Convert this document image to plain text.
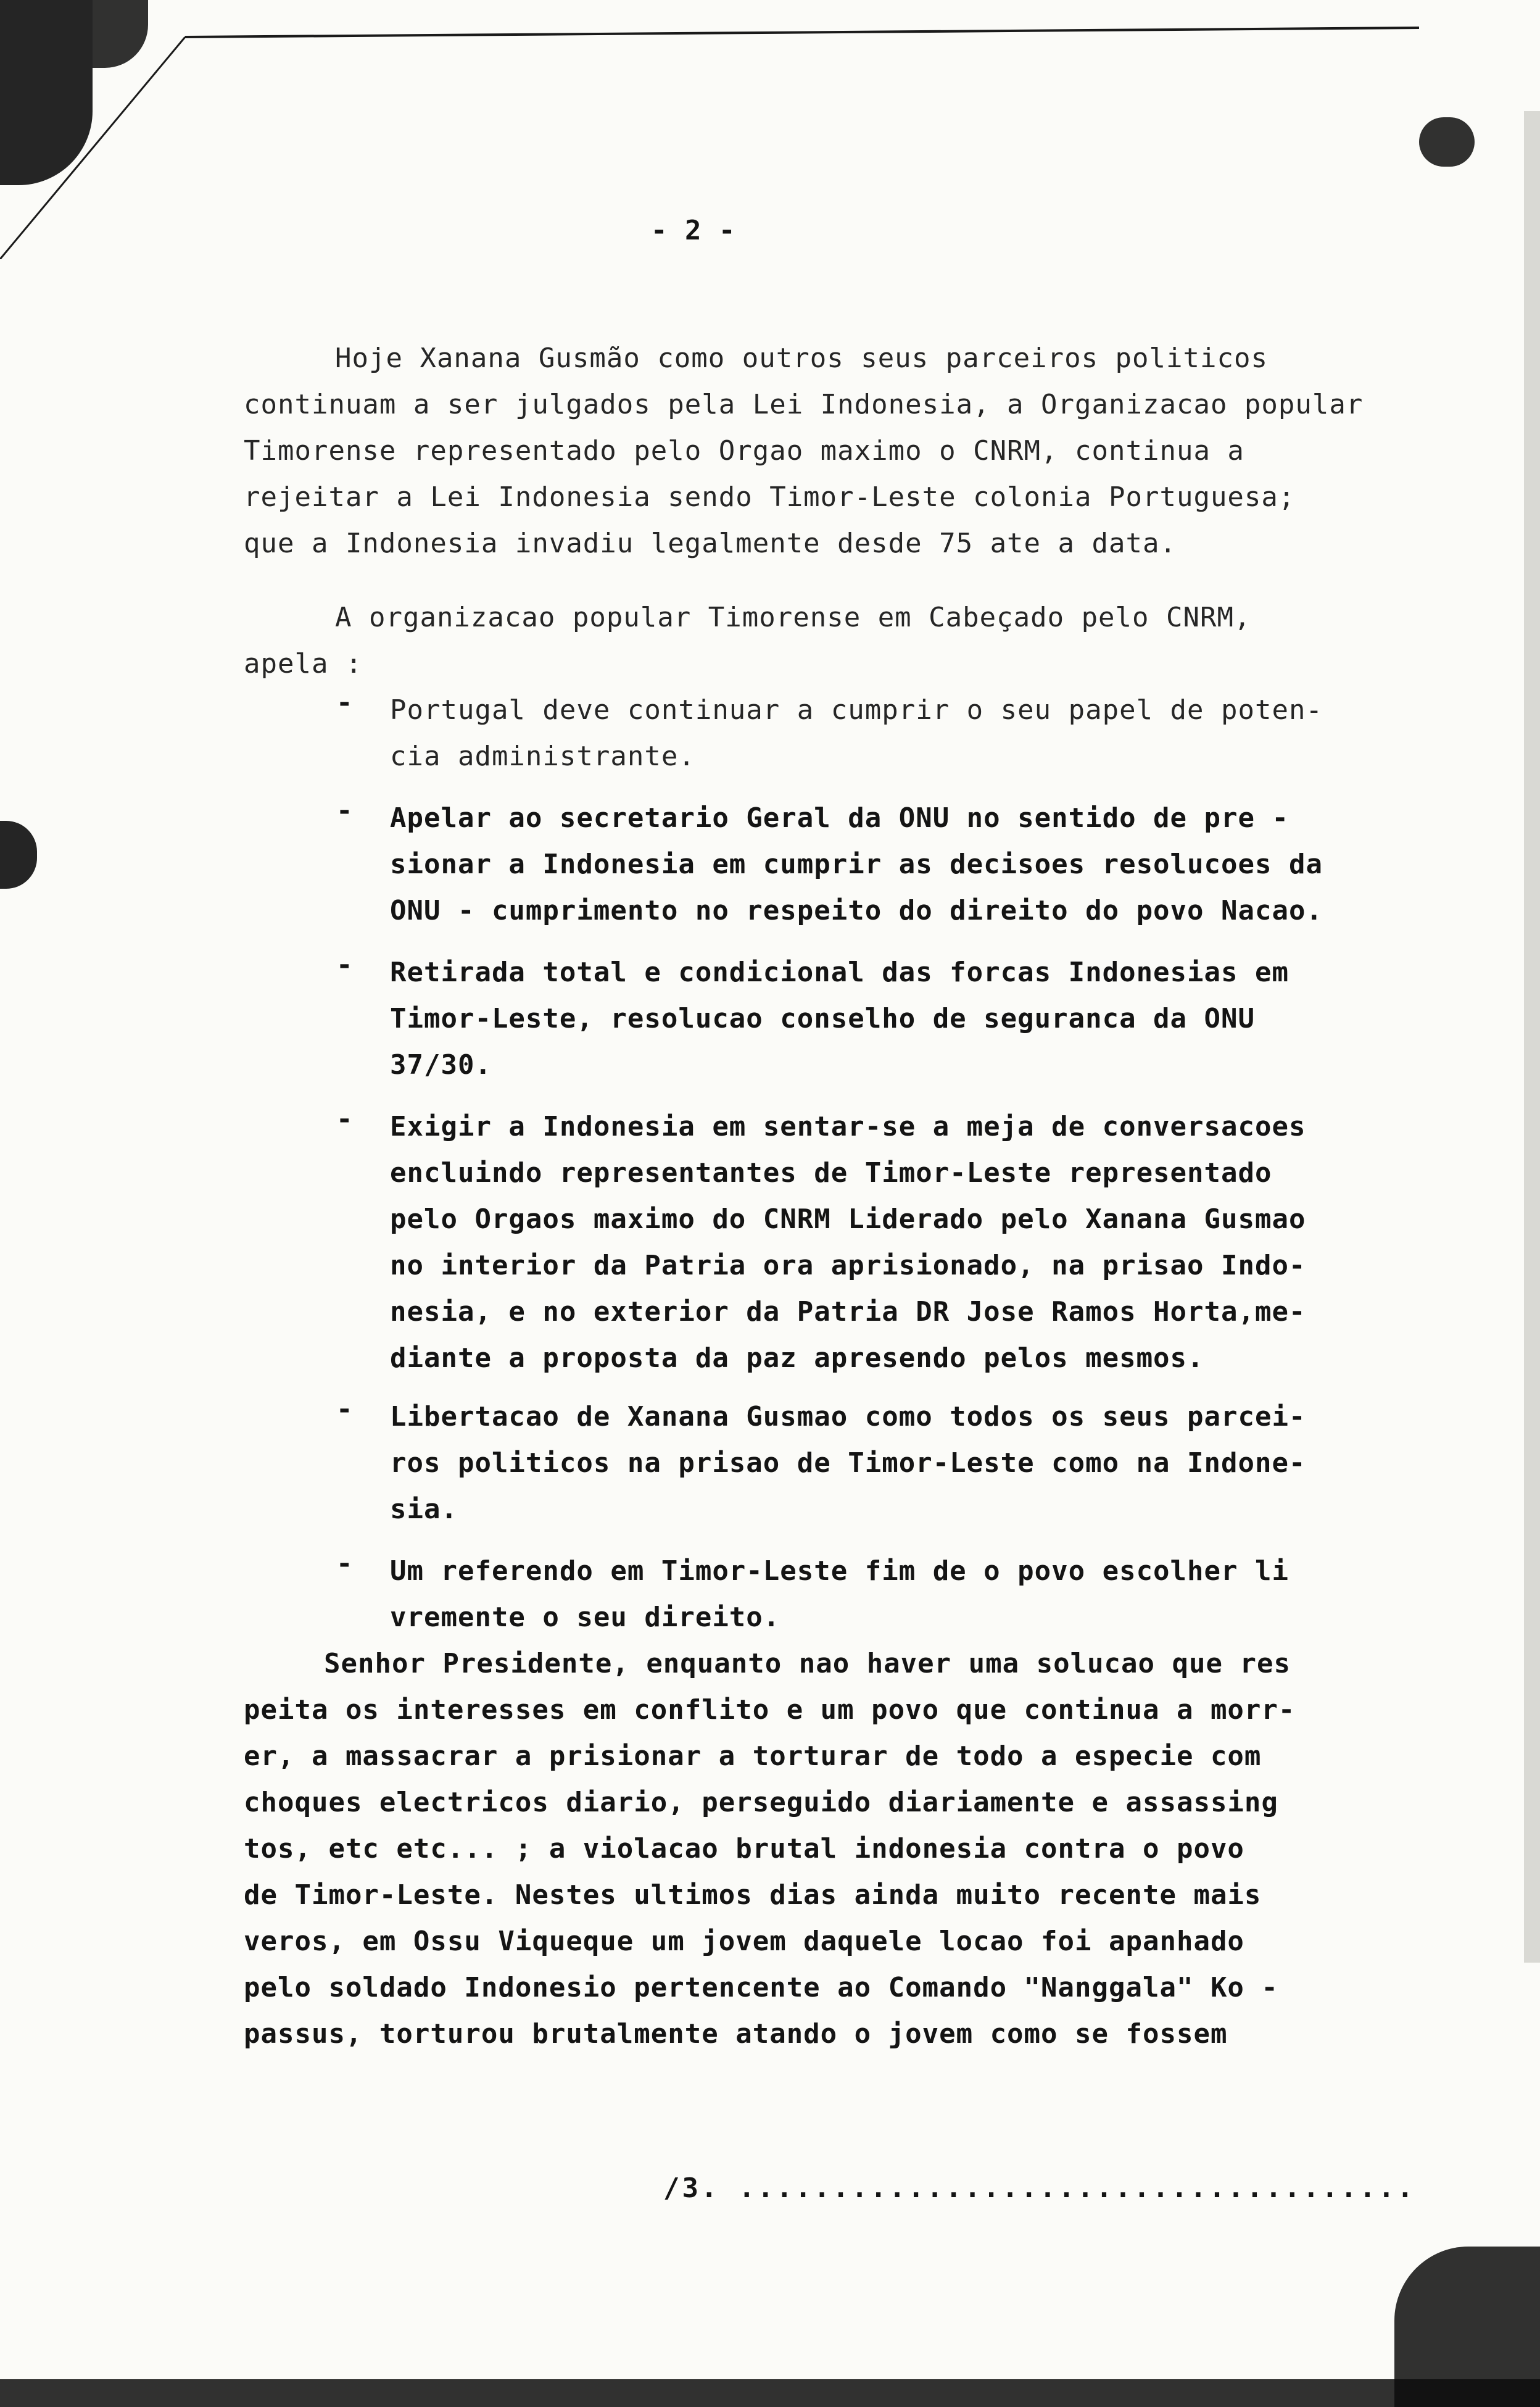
- 2 -
Hoje Xanana Gusmão como outros seus parceiros politicos
continuam a ser julgados pela Lei Indonesia, a Organizacao popular
Timorense representado pelo Orgao maximo o CNRM, continua a
rejeitar a Lei Indonesia sendo Timor-Leste colonia Portuguesa;
que a Indonesia invadiu legalmente desde 75 ate a data.
A organizacao popular Timorense em Cabeçado pelo CNRM,
apela :
- Portugal deve continuar a cumprir o seu papel de poten-
cia administrante.
- Apelar ao secretario Geral da ONU no sentido de pre -
sionar a Indonesia em cumprir as decisoes resolucoes da
ONU - cumprimento no respeito do direito do povo Nacao.
- Retirada total e condicional das forcas Indonesias em
Timor-Leste, resolucao conselho de seguranca da ONU
37/30.
- Exigir a Indonesia em sentar-se a meja de conversacoes
encluindo representantes de Timor-Leste representado
pelo Orgaos maximo do CNRM Liderado pelo Xanana Gusmao
no interior da Patria ora aprisionado, na prisao Indo-
nesia, e no exterior da Patria DR Jose Ramos Horta,me-
diante a proposta da paz apresendo pelos mesmos.
- Libertacao de Xanana Gusmao como todos os seus parcei-
ros politicos na prisao de Timor-Leste como na Indone-
sia.
- Um referendo em Timor-Leste fim de o povo escolher li
vremente o seu direito.
Senhor Presidente, enquanto nao haver uma solucao que res
peita os interesses em conflito e um povo que continua a morr-
er, a massacrar a prisionar a torturar de todo a especie com
choques electricos diario, perseguido diariamente e assassing
tos, etc etc... ; a violacao brutal indonesia contra o povo
de Timor-Leste. Nestes ultimos dias ainda muito recente mais
veros, em Ossu Viqueque um jovem daquele locao foi apanhado
pelo soldado Indonesio pertencente ao Comando "Nanggala" Ko -
passus, torturou brutalmente atando o jovem como se fossem
/3. ....................................
